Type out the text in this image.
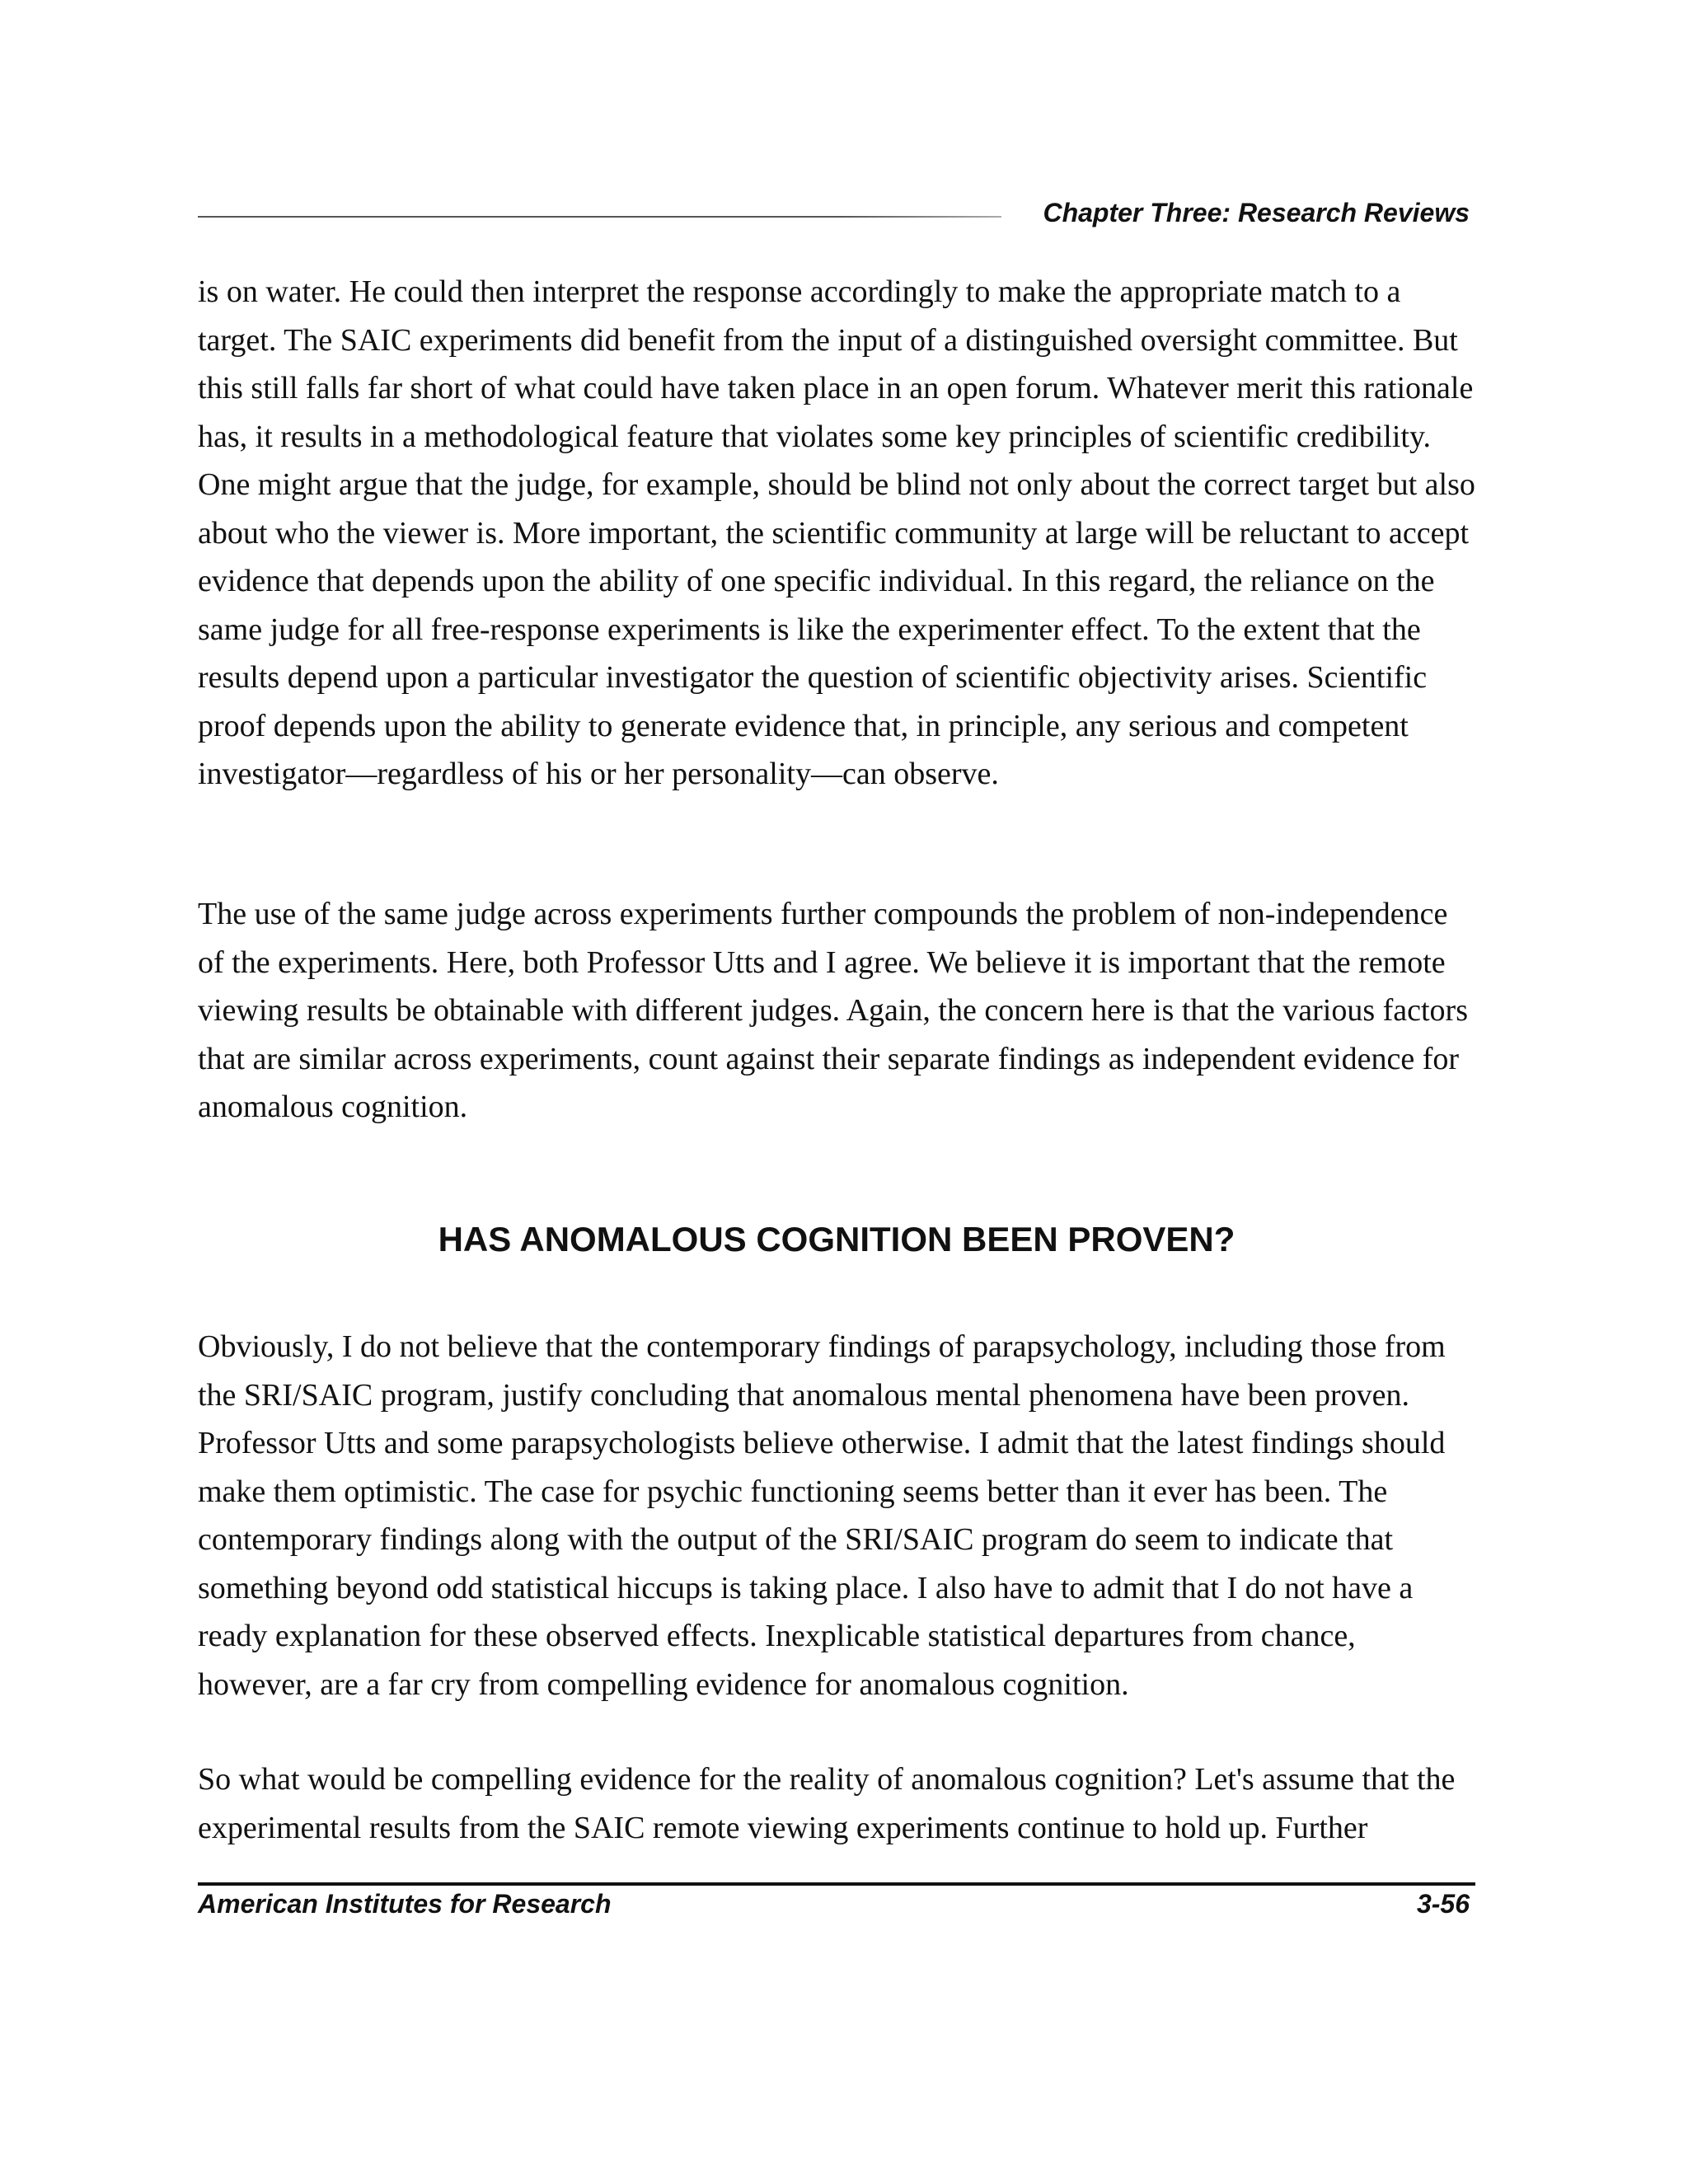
Chapter Three: Research Reviews

is on water. He could then interpret the response accordingly to make the appropriate match to a target. The SAIC experiments did benefit from the input of a distinguished oversight committee. But this still falls far short of what could have taken place in an open forum. Whatever merit this rationale has, it results in a methodological feature that violates some key principles of scientific credibility. One might argue that the judge, for example, should be blind not only about the correct target but also about who the viewer is. More important, the scientific community at large will be reluctant to accept evidence that depends upon the ability of one specific individual. In this regard, the reliance on the same judge for all free-response experiments is like the experimenter effect. To the extent that the results depend upon a particular investigator the question of scientific objectivity arises. Scientific proof depends upon the ability to generate evidence that, in principle, any serious and competent investigator—regardless of his or her personality—can observe.

The use of the same judge across experiments further compounds the problem of non-independence of the experiments. Here, both Professor Utts and I agree. We believe it is important that the remote viewing results be obtainable with different judges. Again, the concern here is that the various factors that are similar across experiments, count against their separate findings as independent evidence for anomalous cognition.

HAS ANOMALOUS COGNITION BEEN PROVEN?

Obviously, I do not believe that the contemporary findings of parapsychology, including those from the SRI/SAIC program, justify concluding that anomalous mental phenomena have been proven. Professor Utts and some parapsychologists believe otherwise. I admit that the latest findings should make them optimistic. The case for psychic functioning seems better than it ever has been. The contemporary findings along with the output of the SRI/SAIC program do seem to indicate that something beyond odd statistical hiccups is taking place. I also have to admit that I do not have a ready explanation for these observed effects. Inexplicable statistical departures from chance, however, are a far cry from compelling evidence for anomalous cognition.

So what would be compelling evidence for the reality of anomalous cognition? Let's assume that the experimental results from the SAIC remote viewing experiments continue to hold up. Further

American Institutes for Research	3-56
